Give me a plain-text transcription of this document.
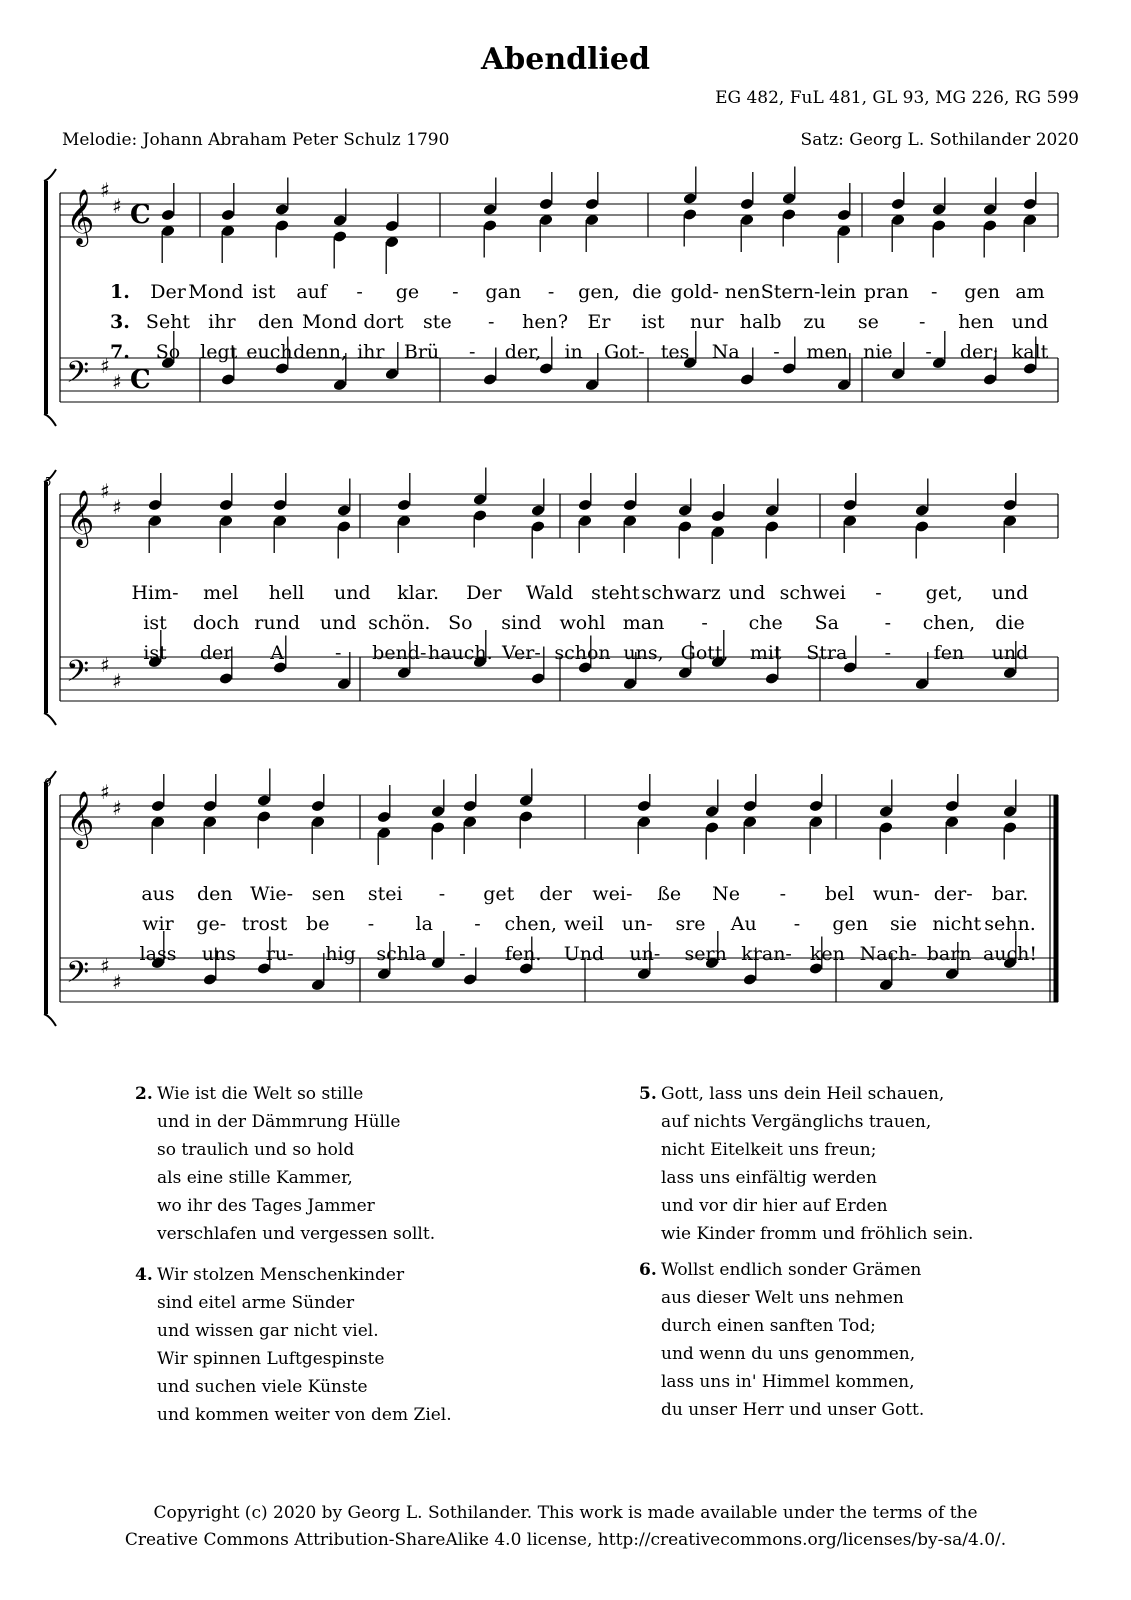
Abendlied
EG 482, FuL 481, GL 93, MG 226, RG 599
Melodie: Johann Abraham Peter Schulz 1790	Satz: Georg L. Sothilander 2020
𝄞
𝄢
♯
♯
♯
♯
C
C
𝄞
𝄢
♯
♯
♯
♯
5
𝄞
𝄢
♯
♯
♯
♯
9
1. Der Mond ist auf - ge - gan - gen, die gold- nen Stern- lein pran - gen am
3. Seht ihr den Mond dort ste - hen? Er ist nur halb zu se - hen und
7. So legt euch denn, ihr Brü - der, in Got- tes Na - men nie - der; kalt
Him- mel hell und klar. Der Wald steht schwarz und schwei - get, und
ist doch rund und schön. So sind wohl man - che Sa - chen, die
ist der A	- bend- hauch. Ver- schon uns, Gott, mit Stra - fen und
aus den Wie- sen stei - get der wei- ße Ne - bel wun- der- bar.
wir ge- trost be - la - chen, weil un- sre Au - gen sie nicht sehn.
lass uns ru- hig schla - fen. Und un- sern kran- ken Nach- barn auch!
2. Wie ist die Welt so stille
und in der Dämmrung Hülle
so traulich und so hold
als eine stille Kammer,
wo ihr des Tages Jammer
verschlafen und vergessen sollt.
4. Wir stolzen Menschenkinder
sind eitel arme Sünder
und wissen gar nicht viel.
Wir spinnen Luftgespinste
und suchen viele Künste
und kommen weiter von dem Ziel.
5. Gott, lass uns dein Heil schauen,
auf nichts Vergänglichs trauen,
nicht Eitelkeit uns freun;
lass uns einfältig werden
und vor dir hier auf Erden
wie Kinder fromm und fröhlich sein.
6. Wollst endlich sonder Grämen
aus dieser Welt uns nehmen
durch einen sanften Tod;
und wenn du uns genommen,
lass uns in' Himmel kommen,
du unser Herr und unser Gott.
Copyright (c) 2020 by Georg L. Sothilander. This work is made available under the terms of the
Creative Commons Attribution-ShareAlike 4.0 license, http://creativecommons.org/licenses/by-sa/4.0/.
